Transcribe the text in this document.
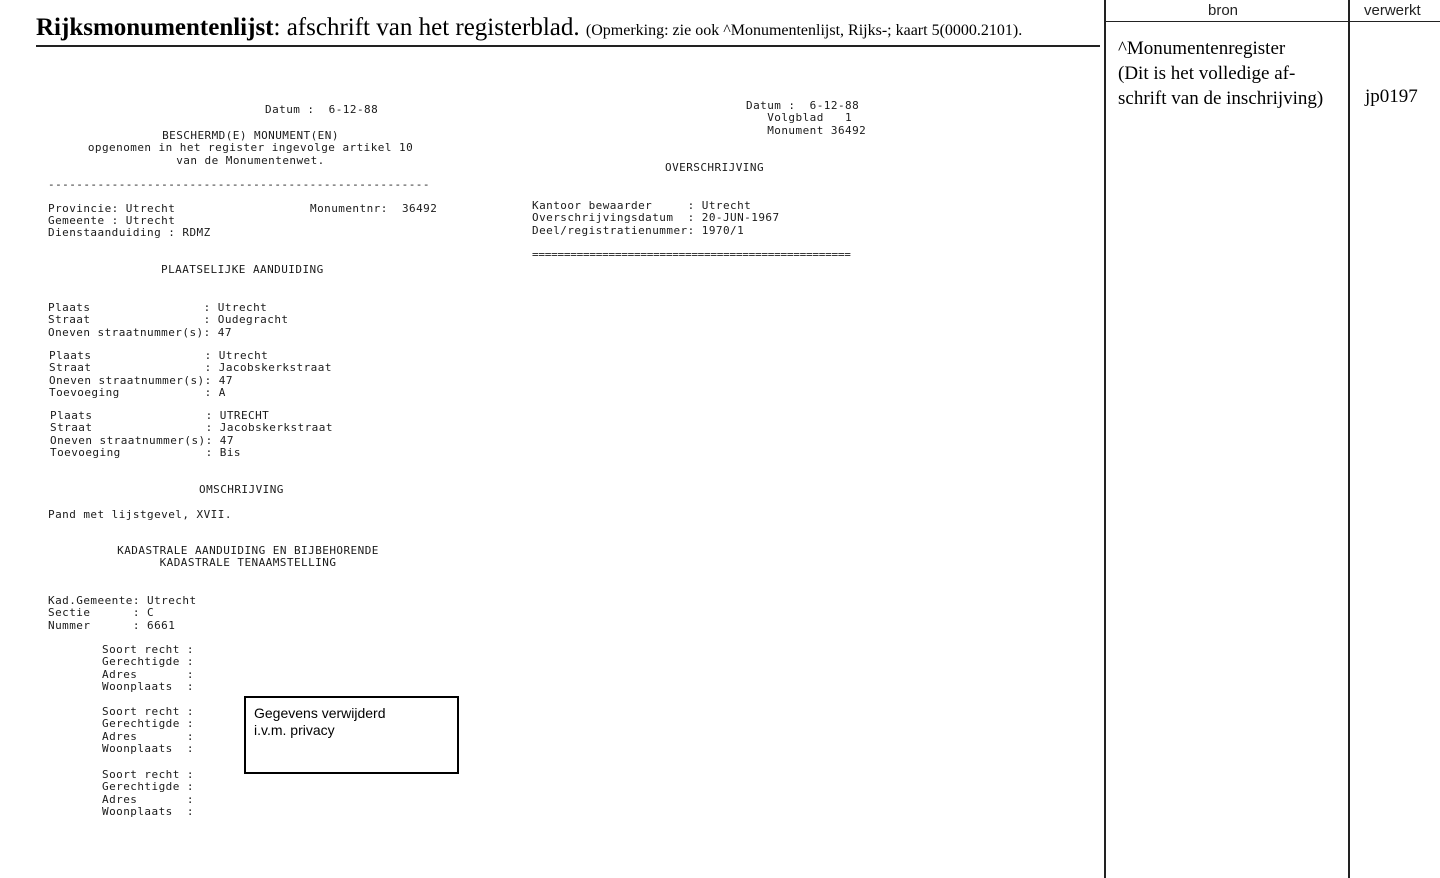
Rijksmonumentenlijst: afschrift van het registerblad. (Opmerking: zie ook ^Monumentenlijst, Rijks-; kaart 5(0000.2101).
bron	verwerkt
^Monumentenregister
(Dit is het volledige af-
schrift van de inschrijving) jp0197
Datum :  6-12-88
BESCHERMD(E) MONUMENT(EN)
opgenomen in het register ingevolge artikel 10
van de Monumentenwet.
------------------------------------------------------
Provincie: Utrecht	Monumentnr:  36492
Gemeente : Utrecht
Dienstaanduiding : RDMZ
PLAATSELIJKE AANDUIDING
Plaats                : Utrecht
Straat                : Oudegracht
Oneven straatnummer(s): 47
Plaats                : Utrecht
Straat                : Jacobskerkstraat
Oneven straatnummer(s): 47
Toevoeging            : A
Plaats                : UTRECHT
Straat                : Jacobskerkstraat
Oneven straatnummer(s): 47
Toevoeging            : Bis
OMSCHRIJVING
Pand met lijstgevel, XVII.
KADASTRALE AANDUIDING EN BIJBEHORENDE
KADASTRALE TENAAMSTELLING
Kad.Gemeente: Utrecht
Sectie      : C
Nummer      : 6661
Soort recht :
Gerechtigde :
Adres       :
Woonplaats  :
Soort recht :
Gerechtigde :
Adres       :
Woonplaats  :
Soort recht :
Gerechtigde :
Adres       :
Woonplaats  :
Gegevens verwijderd
i.v.m. privacy
Datum :  6-12-88
Volgblad   1
Monument 36492
OVERSCHRIJVING
Kantoor bewaarder     : Utrecht
Overschrijvingsdatum  : 20-JUN-1967
Deel/registratienummer: 1970/1
==================================================
